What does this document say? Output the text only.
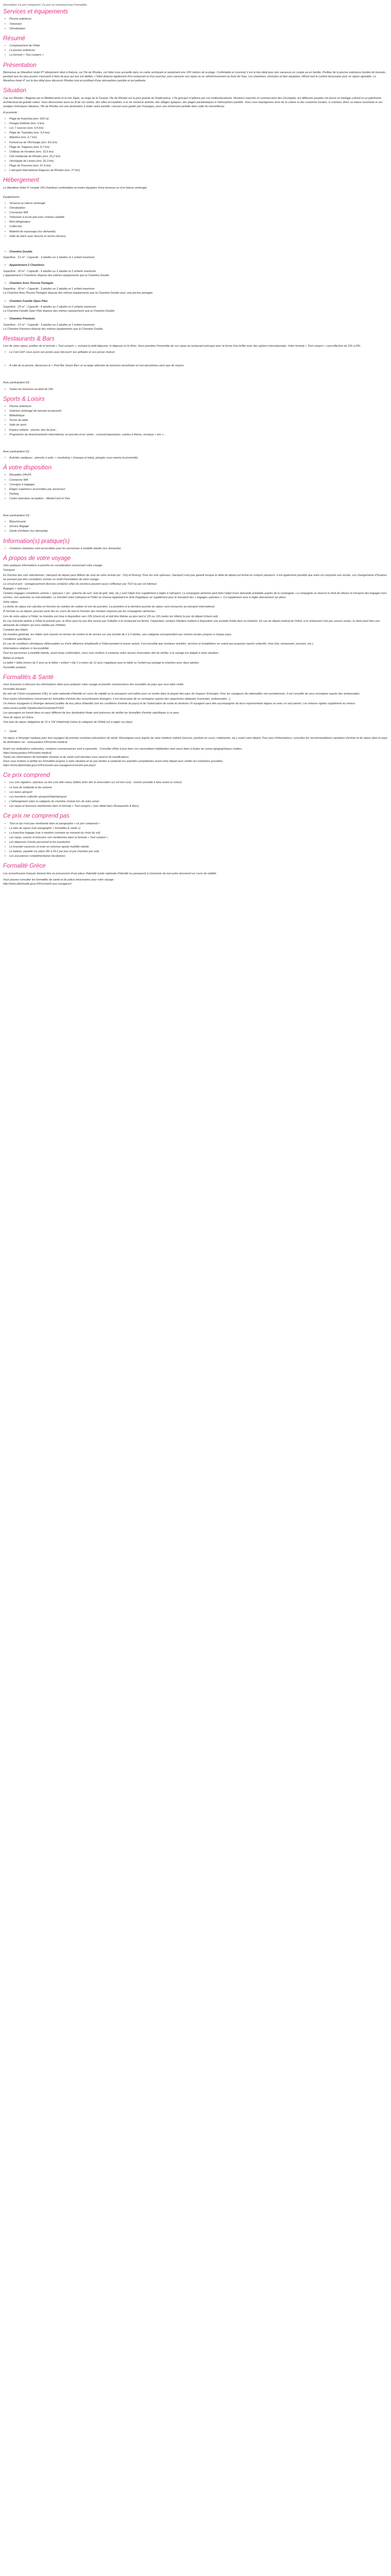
Description Ce prix comprend / Ce prix ne comprend pas Formalités
Services et équipements
• Piscine extérieure
• Télévision
• Climatisation
Résumé
• Complexement de l'hôtel
• La piscine extérieure
• La formule « Tout compris »
Présentation

Bienvenue au Marathon Hotel 4*! Idéalement situé à Kalyvia, sur l'île de Rhodes, cet hôtel vous accueille dans un cadre verdoyant et seulement env. 600 mètres de la plage. Confortable et convivial, il est le lieu idéal pour des vacances en couple ou en famille. Profitez de la piscine extérieure bordée de transats, pendant que les plus jeunes s'amusent à faire de jeux qui leur est dédiée. L'hôtel dispose également d'un restaurant et d'un pool bar, pour savourer vos repas ou un rafraîchissement au bord de l'eau. Les chambres, rénovées et bien équipées, offrent tout le confort nécessaire pour un séjour agréable. Le Marathon Hotel 4* est le lieu idéal pour découvrir Rhodes tout en profitant d'une atmosphère paisible et accueillante.

Situation

Cap sur Rhodes ! Baignée par la Méditerranée et la mer Égée, au large de la Turquie, l'île de Rhodes est la plus grande du Dodécanèse. L'île grecque m'attirera par son multiculturalisme. Plusieurs marchés et commercants des Oschiejabi, les différents peuples ont laissé un héritage culturel et un patrimoine architectural de grande valeur. Vous découvrirez aussi au fil de vos visites, des villes incroyables, à la vie nocturne animée, des villages typiques, des plages paradisiaques à l'atmosphère paisible. Vous vous imprégnerez ainsi de la culture et des coutumes locales, si colorées. Avec sa nature luxuriante et ses vestiges historiques fabuleux, l'île de Rhodes est une destination à visiter autre pareille. Laissez-vous guider par Ovoyages, pour une immersion parfaite dans cette île merveilleuse.

À proximité :

• Plage de Kolymbia (env. 600 m)
• Paragia Kalithéa (env. 3 km)
• Les 7 sources (env. 5,4 km)
• Plage de Tsampika (env. 5,6 km)
• Atlantica (env. 6,7 km)
• Forteresse de l'Archange (env. 8,6 km)
• Plage de Traganou (env. 8,7 km)
• Château de Feraklos (env. 15,5 km)
• Cité médiévale de Rhodes (env. 25,2 km)
• Ubchégale de Lindos (env. 26,3 km)
• Plage de Prasonisi (env. 67,9 km)
• L'aéroport international Diagoras de Rhodes (env. 27 km)
Hébergement

Le Marathon Hotel 4* compte 140 chambres confortables et toutes équipées d'une terrasse ou d'un balcon aménagé.

Équipements :

• Terrasse ou balcon aménagé
• Climatisation
• Connexion Wifi
• Télévision à écran plat avec chaînes satellite
• Mini-réfrigérateur
• Coffre-fort
• Matériel de repassage (sur demande)
• Salle de bains avec douche et sèche-cheveux
• Chambre Double

Superficie : 21 m² - Capacité : 3 adultes ou 2 adultes et 1 enfant maximum

• Appartement 2 Chambres

Superficie : 30 m² - Capacité : 4 adultes ou 2 adultes et 2 enfants maximum
L'appartement 2 Chambres dispose des mêmes équipements que la Chambre Double.

• Chambre Avec Piscine Partagée

Superficie : 30 m² - Capacité : 3 adultes ou 2 adultes et 1 enfant maximum
La Chambre Avec Piscine Partagée dispose des mêmes équipements que la Chambre Double avec une piscine partagée.

• Chambre Famille Open Plan

Superficie : 22 m² - Capacité : 4 adultes ou 2 adultes et 2 enfants maximum
La Chambre Famille Open Plan dispose des mêmes équipements que la Chambre Double.

• Chambre Premium

Superficie : 21 m² - Capacité : 3 adultes ou 2 adultes et 1 enfant maximum
La Chambre Premium dispose des mêmes équipements que la Chambre Double.

Restaurants & Bars

Lors de votre séjour, profitez de la formule « Tout compris », incluant le petit-déjeuner, le déjeuner et le dîner. Vous prendrez l'ensemble de vos repas au restaurant principal avec la forme d'un buffet avec des options internationales. Votre formule « Tout compris » sera effective de 10h à 23h.

• Le Coin Grill: vous ouvre ses portes pour découvrir ses grillades et ses pizzas maison.
• À côté de la piscine, découvrez le « Pool Bar Snack Bar» et sa large sélection de boissons alcoolisées et non-alcoolisées ainsi que de snacks.

Avec participation (€) :

• Toutes les boissons au-delà de 23h.
Sports & Loisirs
• Piscine extérieure
• Solarium aménagé de transats et parasols
• Bibliothèque
• Tennis de table
• Salle de sport
• Espace enfants : piscine, aire de jeux...
• Programme de divertissements international, en journée et en soirée : concerts/spectacles, soirées à thème, musique « live »...

Avec participation (€) :

• Activités nautiques : planche à voile, « snorkeling » (masque et tuba), plongée sous-marine (à proximité)
À votre disposition
• Réception 24h/24
• Connexion Wifi
• Consigne à bagages
• Étages supérieurs accessibles par ascenseur
• Parking
• Cartes bancaires acceptées : MasterCard et Visa

Avec participation (€) :

• Blanchisserie
• Service Bagage
• Garde d'enfants (sur demande)
Information(s) pratique(s)
• Certaines chambres sont accessibles pour les personnes à mobilité réduite (sur demande).
À propos de votre voyage

Voici quelques informations à prendre en considération concernant votre voyage.

Transport

En fonction des vols sélectionnés, l'aéroport de départ peut différer de celui de votre arrivée (ex : Orly et Roissy). Pour les vols spéciaux, l'aéroport n'est pas garanti lorsque le délai de départ est fermé en compris plusieurs. Il est également possible que votre vol comporte une escale. Les changements d'horaires ne pouvant pas être considérés comme un motif d'annulation de votre voyage.

Le circuit et prix : outrageusement diverses certaines villes de province peuvent aussi s'effectuer par TGV ou par vol intérieur.

Bagages « spéciaux »

Certains bagages considérés comme « spéciaux » (ex : planche de surf, club de golf, vélo, etc.) sont l'objet d'un supplément à régler à l'aéroport. La compagnie aérienne peut faire l'objet d'une demande préalable auprès de la compagnie. La compagnie se réserve le droit de refuser le transport des bagages hors normes, non autorisés ou mal emballés. Le transfert entre l'aéroport et l'hôtel se réserve également le droit d'appliquer un supplément pour le transport des « bagages spéciaux ». Ce supplément sera à régler directement sur place.

Votre séjour

La durée du séjour est calculée en fonction du nombre de nuitées et non de journées. La première et la dernière journée du séjour sont consacrés au transport international.

À l'arrivée ou au départ, pouvant avoir lieu en cours de nuit en fonction des horaires imposés par les compagnies aériennes.

Lors de votre séjour à l'hôtel, la chambre est mise à disposition vers 15h (check-in) et doit être libérée au plus tard à 12h ou 12h (selon les hôtels) le jour du départ (check-out).

En cas d'arrivée tardive à l'hôtel le premier jour, le dîner peut ne pas être assuré par l'hôtelier si le restaurant est fermé. Cependant, certains hôteliers mettent à disposition une assiette froide dans la chambre. En cas de départ matinal de l'hôtel, si le restaurant n'est pas encore ouvert, le client peut faire une demande de collation qui sera validée par l'hôtelier.

Conduite des hôtels

De manière générale, les hôtels sont classés en termes de confort et de service sur une échelle de 2 à 5 étoiles, une catégorie correspondant aux normes locales propres à chaque pays.

Conditions spécifiques

En cas de conditions climatiques défavorables ou d'une affluence inhabituelle à l'hôtel pendant la basse saison, il est possible que certaines activités, services et installations ne soient pas proposés (sports collectifs, mini-club, restaurants, piscines, etc.).

Informations relatives à l'accessibilité

Pour les personnes à mobilité réduite, avant toute confirmation, nous vous invitons à contacter notre service réservation afin de vérifier si le voyage est adapté à votre situation.

Bébés et enfants

Le bébé = bébé (moins de 2 ans) ou le bébé + enfant = (de 2 à moins de 12 ans) s'appliquer pour le bébé ou l'enfant qui partage la chambre avec deux adultes.

Formalité sanitaire

Formalités & Santé

Vous trouverez ci-dessous les informations utiles pour préparer votre voyage et prendre connaissance des actualités du pays que vous allez visiter.

Formalité douanes

Au sein de l'Union européenne (UE), la carte nationale d'identité en cours de validité ou le passeport sont admis pour se rendre dans la plupart des pays de l'espace Schengen. Pour les voyageurs de nationalités non européennes, il est conseillé de vous renseigner auprès des ambassades.

Pour toutes informations concernant les formalités d'entrée des ressortissants étrangers, il est nécessaire de se renseigner auprès des organismes adéquats (consulats, ambassades...).

Un mineur voyageant à l'étranger demand justifier de leur pièce d'identité (voir les conditions d'entrée du pays) et de l'autorisation de sortie du territoire s'il voyagent sans être accompagnés de leurs représentants légaux ou avec un seul parent. Les mineurs rigides supplément au mineur.

www.service-public.fr/particuliers/vosdroits/F1922

Les passagers en transit dans un pays différent de leur destination finale sont prévenus de vérifier les formalités d'entrée spécifiques à ce pays.

Taxe de séjour en Grèce

Une taxe de séjour obligatoire de 1€ à 10€ (hôtel/nuit) (selon la catégorie de l'hôtel) est à régler sur place.

• Santé

Un séjour à l'étranger implique pour tout voyageur de prendre certaines précautions de santé. Renseignez-vous auprès de votre médecin traitant (vaccins, produits en cours, traitements, etc.) avant votre départ. Pour plus d'informations, consultez les recommandations sanitaires d'entrée et de séjour dans le pays de destination sur : www.pasteur.fr/fr/centre-medical.

Avant vos réalisations ordonnées, certaines connaissances sont à reprendre : Consulter d'être à jour dans vos vaccinations habituelles mais aussi dans à toutes les zones géographiques visitées.
https://www.pasteur.fr/fr/centre-medical
Toutes les informations de formalités d'entrée et de santé sont données sous réserve de modifications.
Nous vous invitons à vérifier les formalités propres à votre situation et ne pas hésiter à contacter les autorités compétentes avant votre départ pour vérifier les évolutions possibles.
https://www.diplomatie.gouv.fr/fr/conseils-aux-voyageurs/conseils-par-pays/

Ce prix comprend
• Les vols réguliers, spéciaux ou low cost aller-retour (billets émis dès la réservation sur vol low cost) - touche possible à faire avant ou retour)
• Le fuse de solidarité et de carbone
• Les taxes aéroport
• Les transferts collectifs aéroport/hôtel/aéroport
• L'hébergement selon la catégorie de chambre choisie lors de votre achat
• Les repas et boissons mentionnés dans la formule « Tout compris » (voir détail dans Restaurants & Bars)
Ce prix ne comprend pas
• Tout ce qui n'est pas mentionné dans le paragraphe « ce prix comprend »
• La taxe de séjour (voir paragraphe « formalités & santé »)
• La franchise bagage (voir à mention contraire au moment du choix du vol)
• Les repas, snacks et boissons non mentionnés dans la formule « Tout compris »
• Les dépenses d'ordre personnel et les pourboires
• Le bracelet vacances et reste en commun ajouté mobilité réduite
• Le bateau, payable sur place (4€ à 26 € par jour et par chambre par nuit)
• Les assurances complémentaires facultatives
Formalité Grèce

Les ressortissants français doivent être en possession d'une pièce d'identité (carte nationale d'identité ou passeport) à l'exclusion de tout autre document en cours de validité.

Vous pouvez consulter les formalités de santé et de police nécessaires pour votre voyage :
http://www.diplomatie.gouv.fr/fr/conseils-aux-voyageurs/
